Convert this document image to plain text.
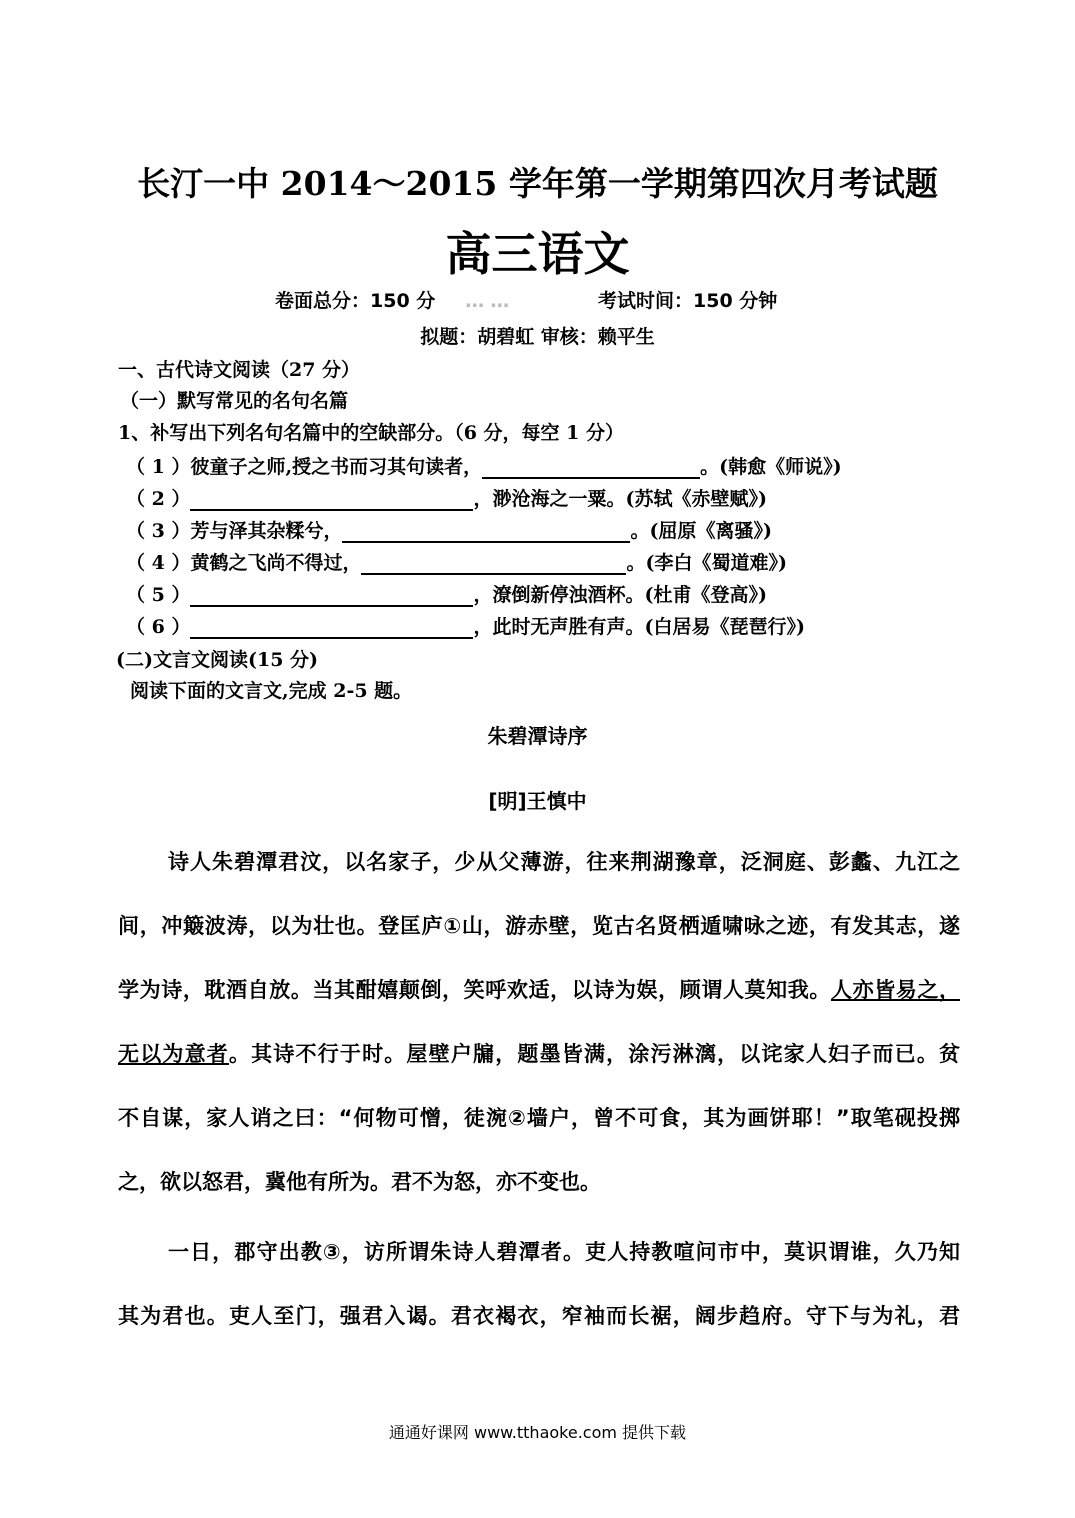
长汀一中 2014～2015 学年第一学期第四次月考试题
高三语文
卷面总分：150 分 ……	考试时间：150 分钟
拟题：胡碧虹 审核：赖平生
一、古代诗文阅读（27 分）
（一）默写常见的名句名篇
1、补写出下列名句名篇中的空缺部分。（6 分，每空 1 分）
（ 1 ）彼童子之师,授之书而习其句读者，	。(韩愈《师说》)
（ 2 ）	，渺沧海之一粟。(苏轼《赤壁赋》)
（ 3 ）芳与泽其杂糅兮，	。(屈原《离骚》)
（ 4 ）黄鹤之飞尚不得过，	。(李白《蜀道难》)
（ 5 ）	，潦倒新停浊酒杯。(杜甫《登高》)
（ 6 ）	，此时无声胜有声。(白居易《琵琶行》)
(二)文言文阅读(15 分)
阅读下面的文言文,完成 2-5 题。
朱碧潭诗序
[明]王慎中
诗人朱碧潭君汶，以名家子，少从父薄游，往来荆湖豫章，泛洞庭、彭蠡、九江之
间，冲簸波涛，以为壮也。登匡庐①山，游赤壁，览古名贤栖遁啸咏之迹，有发其志，遂
学为诗，耽酒自放。当其酣嬉颠倒，笑呼欢适，以诗为娱，顾谓人莫知我。人亦皆易之，
无以为意者。其诗不行于时。屋壁户牖，题墨皆满，涂污淋漓，以诧家人妇子而已。贫
不自谋，家人诮之曰：“何物可憎，徒涴②墙户，曾不可食，其为画饼耶！”取笔砚投掷
之，欲以怒君，冀他有所为。君不为怒，亦不变也。
一日，郡守出教③，访所谓朱诗人碧潭者。吏人持教喧问市中，莫识谓谁，久乃知
其为君也。吏人至门，强君入谒。君衣褐衣，窄袖而长裾，阔步趋府。守下与为礼，君
通通好课网 www.tthaoke.com 提供下载
